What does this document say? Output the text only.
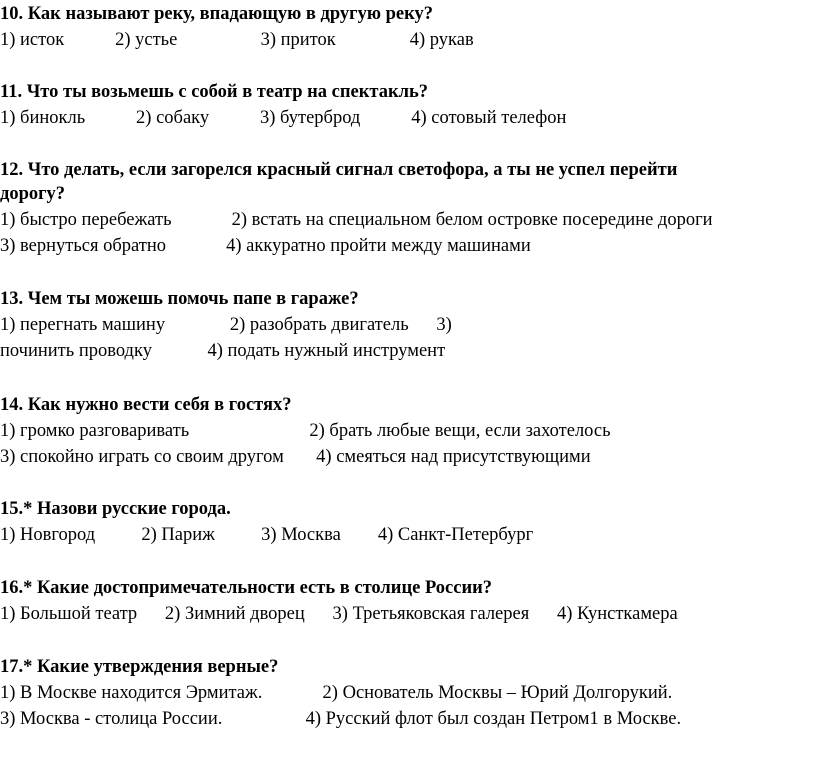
10. Как называют реку, впадающую в другую реку?
1) исток           2) устье                  3) приток                4) рукав
11. Что ты возьмешь с собой в театр на спектакль?
1) бинокль           2) собаку           3) бутерброд           4) сотовый телефон
12. Что делать, если загорелся красный сигнал светофора, а ты не успел перейти
дорогу?
1) быстро перебежать             2) встать на специальном белом островке посередине дороги
3) вернуться обратно             4) аккуратно пройти между машинами
13. Чем ты можешь помочь папе в гараже?
1) перегнать машину              2) разобрать двигатель      3)
починить проводку            4) подать нужный инструмент
14. Как нужно вести себя в гостях?
1) громко разговаривать                          2) брать любые вещи, если захотелось
3) спокойно играть со своим другом       4) смеяться над присутствующими
15.* Назови русские города.
1) Новгород          2) Париж          3) Москва        4) Санкт-Петербург
16.* Какие достопримечательности есть в столице России?
1) Большой театр      2) Зимний дворец      3) Третьяковская галерея      4) Кунсткамера
17.* Какие утверждения верные?
1) В Москве находится Эрмитаж.             2) Основатель Москвы – Юрий Долгорукий.
3) Москва - столица России.                  4) Русский флот был создан Петром1 в Москве.
